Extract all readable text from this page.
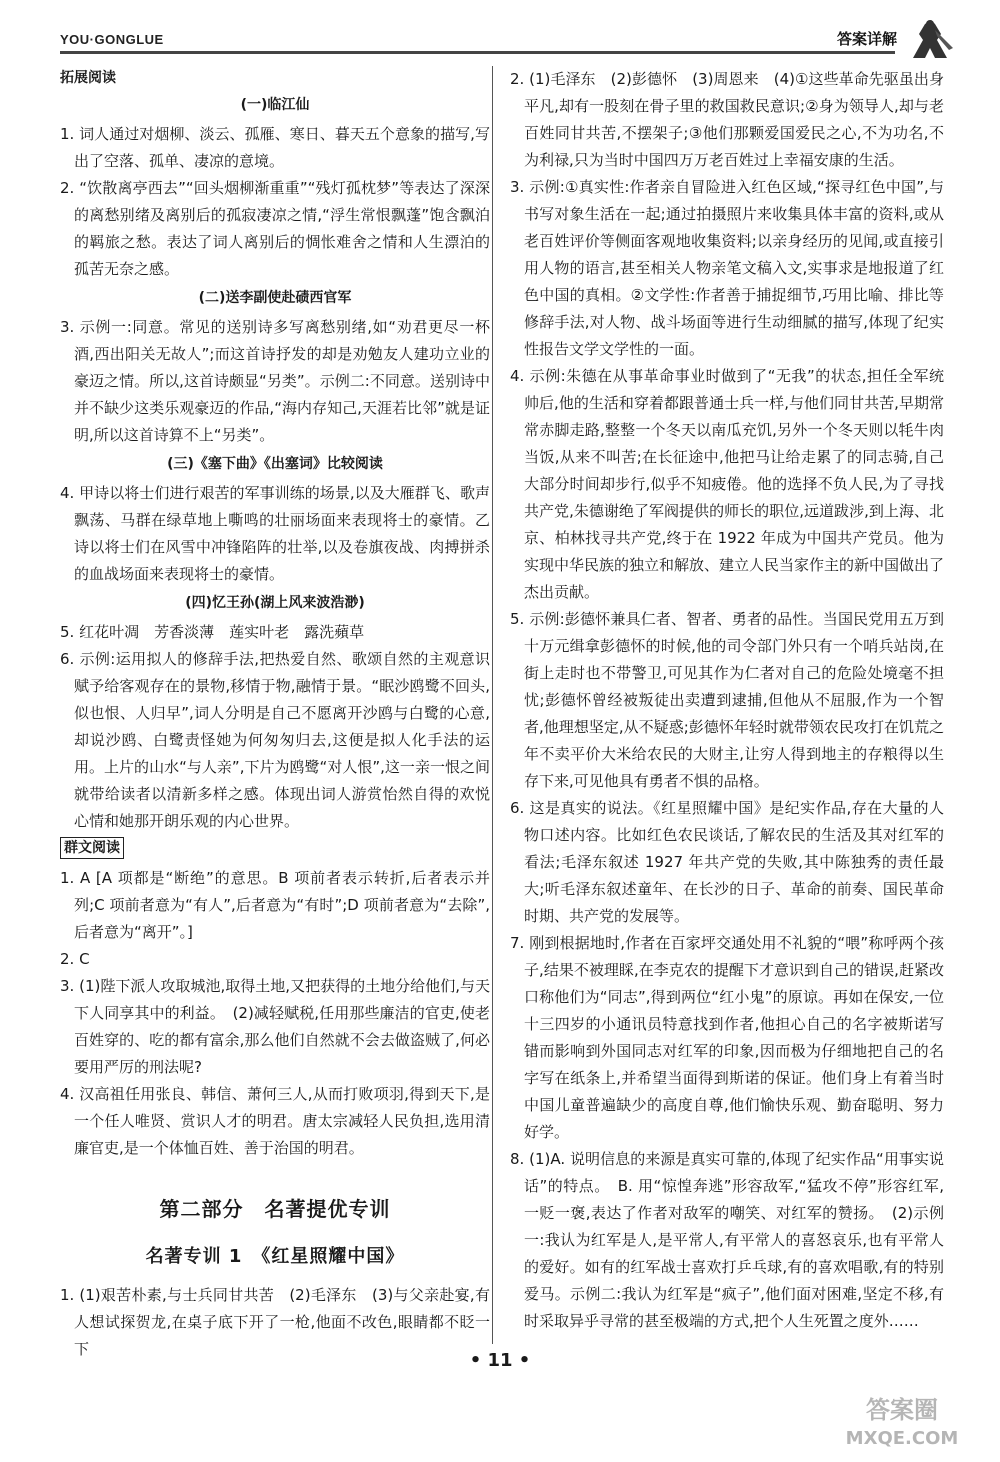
YOU·GONGLUE	答案详解
拓展阅读
(一)临江仙

1. 词人通过对烟柳、淡云、孤雁、寒日、暮天五个意象的描写,写出了空落、孤单、凄凉的意境。

2. “饮散离亭西去”“回头烟柳渐重重”“残灯孤枕梦”等表达了深深的离愁别绪及离别后的孤寂凄凉之情,“浮生常恨飘蓬”饱含飘泊的羁旅之愁。表达了词人离别后的惆怅难舍之情和人生漂泊的孤苦无奈之感。

(二)送李副使赴碛西官军

3. 示例一:同意。常见的送别诗多写离愁别绪,如“劝君更尽一杯酒,西出阳关无故人”;而这首诗抒发的却是劝勉友人建功立业的豪迈之情。所以,这首诗颇显“另类”。示例二:不同意。送别诗中并不缺少这类乐观豪迈的作品,“海内存知己,天涯若比邻”就是证明,所以这首诗算不上“另类”。

(三)《塞下曲》《出塞词》比较阅读

4. 甲诗以将士们进行艰苦的军事训练的场景,以及大雁群飞、歌声飘荡、马群在绿草地上嘶鸣的壮丽场面来表现将士的豪情。乙诗以将士们在风雪中冲锋陷阵的壮举,以及卷旗夜战、肉搏拼杀的血战场面来表现将士的豪情。

(四)忆王孙(湖上风来波浩渺)

5. 红花叶凋　芳香淡薄　莲实叶老　露洗蘋草

6. 示例:运用拟人的修辞手法,把热爱自然、歌颂自然的主观意识赋予给客观存在的景物,移情于物,融情于景。“眠沙鸥鹭不回头,似也恨、人归早”,词人分明是自己不愿离开沙鸥与白鹭的心意,却说沙鸥、白鹭责怪她为何匆匆归去,这便是拟人化手法的运用。上片的山水“与人亲”,下片为鸥鹭“对人恨”,这一亲一恨之间就带给读者以清新多样之感。体现出词人游赏怡然自得的欢悦心情和她那开朗乐观的内心世界。

群文阅读

1. A [A 项都是“断绝”的意思。B 项前者表示转折,后者表示并列;C 项前者意为“有人”,后者意为“有时”;D 项前者意为“去除”,后者意为“离开”。]

2. C

3. (1)陛下派人攻取城池,取得土地,又把获得的土地分给他们,与天下人同享其中的利益。　(2)减轻赋税,任用那些廉洁的官吏,使老百姓穿的、吃的都有富余,那么他们自然就不会去做盗贼了,何必要用严厉的刑法呢?

4. 汉高祖任用张良、韩信、萧何三人,从而打败项羽,得到天下,是一个任人唯贤、赏识人才的明君。唐太宗减轻人民负担,选用清廉官吏,是一个体恤百姓、善于治国的明君。

第二部分　名著提优专训
名著专训 1　《红星照耀中国》

1. (1)艰苦朴素,与士兵同甘共苦　(2)毛泽东　(3)与父亲赴宴,有人想试探贺龙,在桌子底下开了一枪,他面不改色,眼睛都不眨一下

2. (1)毛泽东　(2)彭德怀　(3)周恩来　(4)①这些革命先驱虽出身平凡,却有一股刻在骨子里的救国救民意识;②身为领导人,却与老百姓同甘共苦,不摆架子;③他们那颗爱国爱民之心,不为功名,不为利禄,只为当时中国四万万老百姓过上幸福安康的生活。

3. 示例:①真实性:作者亲自冒险进入红色区域,“探寻红色中国”,与书写对象生活在一起;通过拍摄照片来收集具体丰富的资料,或从老百姓评价等侧面客观地收集资料;以亲身经历的见闻,或直接引用人物的语言,甚至相关人物亲笔文稿入文,实事求是地报道了红色中国的真相。②文学性:作者善于捕捉细节,巧用比喻、排比等修辞手法,对人物、战斗场面等进行生动细腻的描写,体现了纪实性报告文学文学性的一面。

4. 示例:朱德在从事革命事业时做到了“无我”的状态,担任全军统帅后,他的生活和穿着都跟普通士兵一样,与他们同甘共苦,早期常常赤脚走路,整整一个冬天以南瓜充饥,另外一个冬天则以牦牛肉当饭,从来不叫苦;在长征途中,他把马让给走累了的同志骑,自己大部分时间却步行,似乎不知疲倦。他的选择不负人民,为了寻找共产党,朱德谢绝了军阀提供的师长的职位,远道跋涉,到上海、北京、柏林找寻共产党,终于在 1922 年成为中国共产党员。他为实现中华民族的独立和解放、建立人民当家作主的新中国做出了杰出贡献。

5. 示例:彭德怀兼具仁者、智者、勇者的品性。当国民党用五万到十万元缉拿彭德怀的时候,他的司令部门外只有一个哨兵站岗,在街上走时也不带警卫,可见其作为仁者对自己的危险处境毫不担忧;彭德怀曾经被叛徒出卖遭到逮捕,但他从不屈服,作为一个智者,他理想坚定,从不疑惑;彭德怀年轻时就带领农民攻打在饥荒之年不卖平价大米给农民的大财主,让穷人得到地主的存粮得以生存下来,可见他具有勇者不惧的品格。

6. 这是真实的说法。《红星照耀中国》是纪实作品,存在大量的人物口述内容。比如红色农民谈话,了解农民的生活及其对红军的看法;毛泽东叙述 1927 年共产党的失败,其中陈独秀的责任最大;听毛泽东叙述童年、在长沙的日子、革命的前奏、国民革命时期、共产党的发展等。

7. 刚到根据地时,作者在百家坪交通处用不礼貌的“喂”称呼两个孩子,结果不被理睬,在李克农的提醒下才意识到自己的错误,赶紧改口称他们为“同志”,得到两位“红小鬼”的原谅。再如在保安,一位十三四岁的小通讯员特意找到作者,他担心自己的名字被斯诺写错而影响到外国同志对红军的印象,因而极为仔细地把自己的名字写在纸条上,并希望当面得到斯诺的保证。他们身上有着当时中国儿童普遍缺少的高度自尊,他们愉快乐观、勤奋聪明、努力好学。

8. (1)A. 说明信息的来源是真实可靠的,体现了纪实作品“用事实说话”的特点。　B. 用“惊惶奔逃”形容敌军,“猛攻不停”形容红军,一贬一褒,表达了作者对敌军的嘲笑、对红军的赞扬。　(2)示例一:我认为红军是人,是平常人,有平常人的喜怒哀乐,也有平常人的爱好。如有的红军战士喜欢打乒乓球,有的喜欢唱歌,有的特别爱马。示例二:我认为红军是“疯子”,他们面对困难,坚定不移,有时采取异乎寻常的甚至极端的方式,把个人生死置之度外……

• 11 •
答案圈
MXQE.COM
